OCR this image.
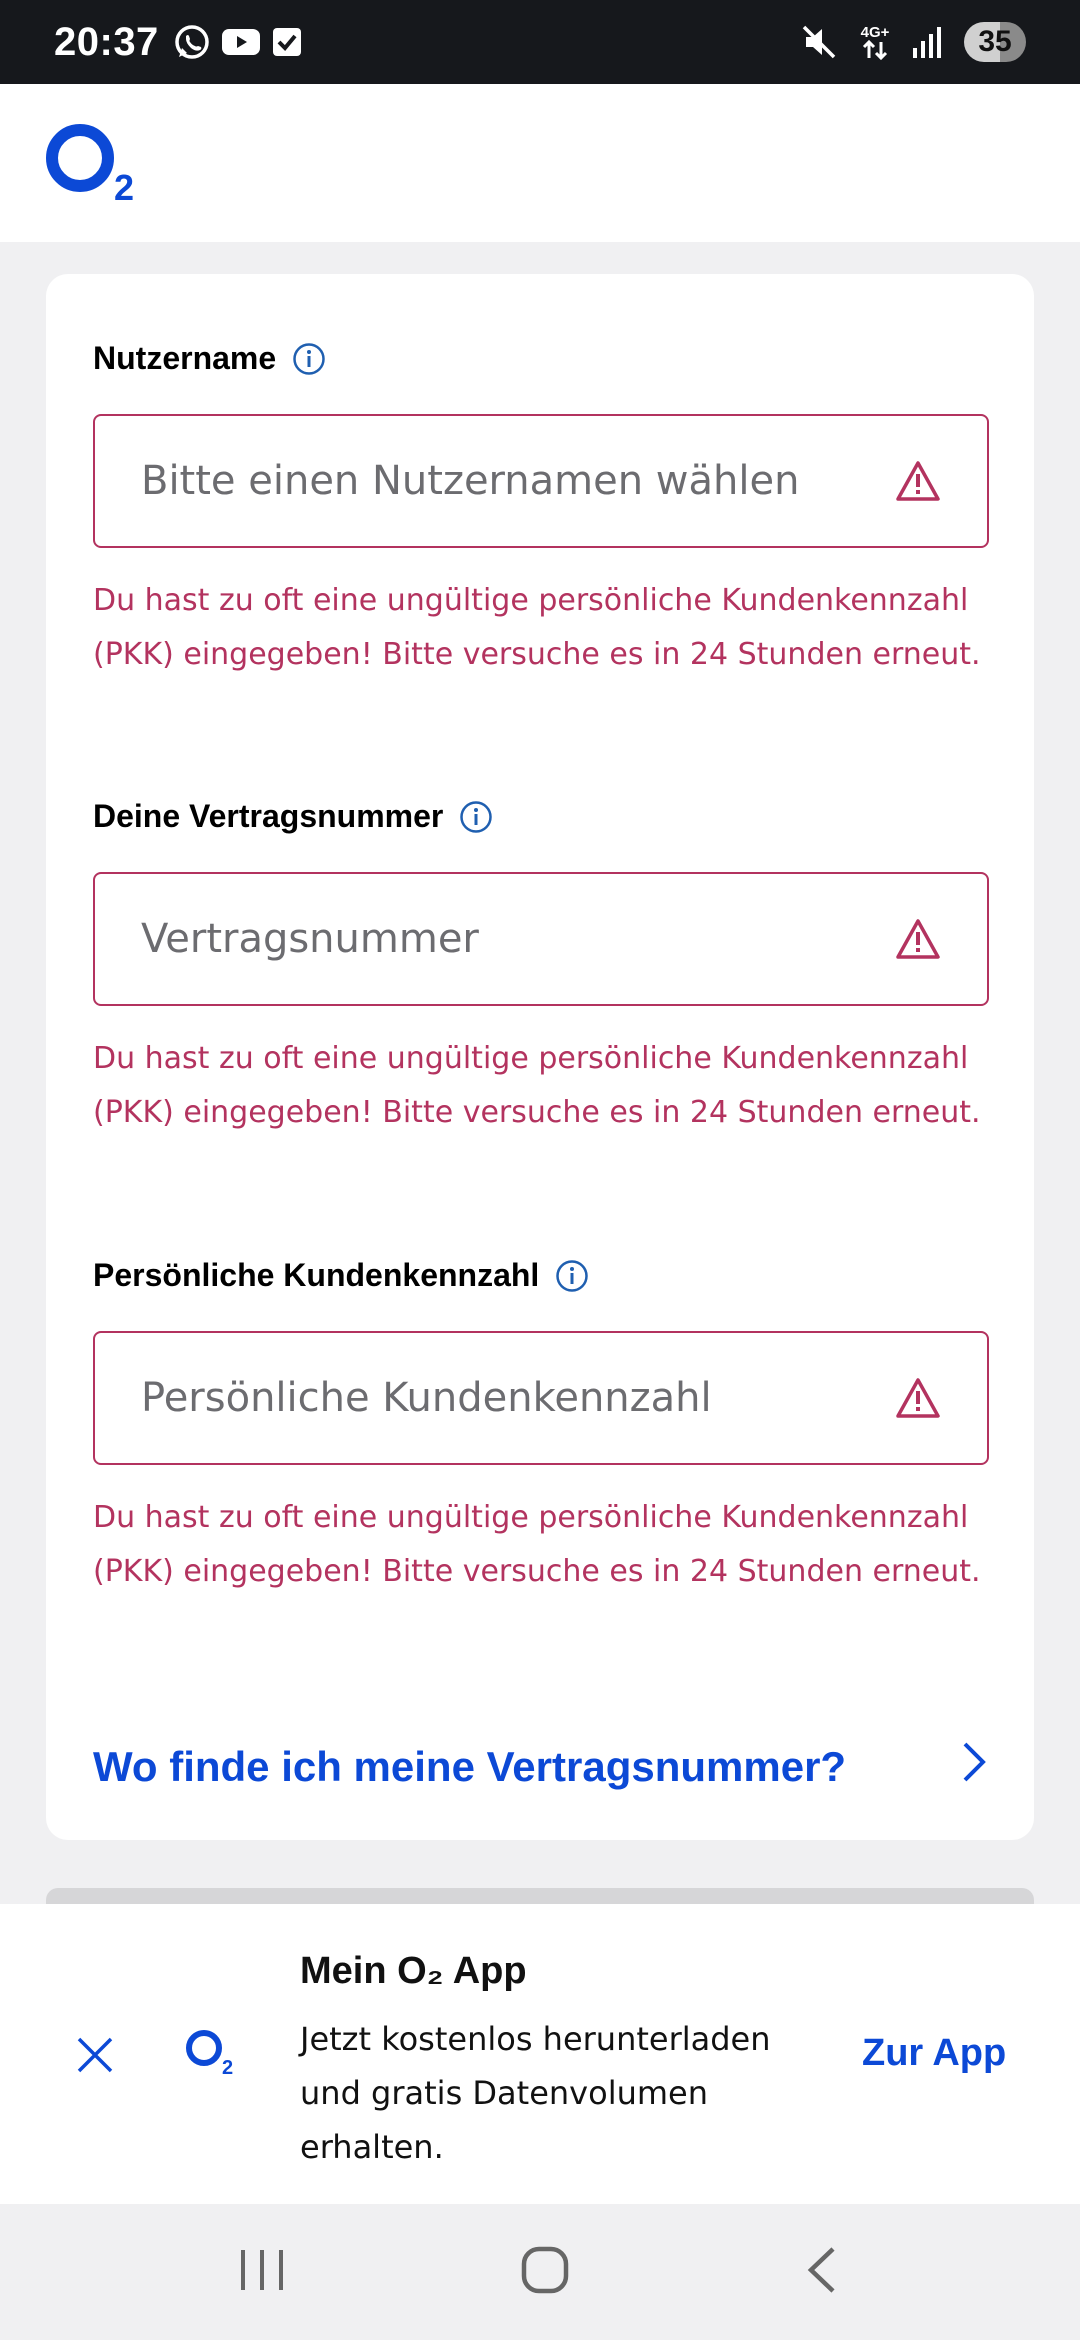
20:37	4G+	35
2
Nutzername
Bitte einen Nutzernamen wählen
Du hast zu oft eine ungültige persönliche Kundenkennzahl (PKK) eingegeben! Bitte versuche es in 24 Stunden erneut.
Deine Vertragsnummer
Vertragsnummer
Du hast zu oft eine ungültige persönliche Kundenkennzahl (PKK) eingegeben! Bitte versuche es in 24 Stunden erneut.
Persönliche Kundenkennzahl
Persönliche Kundenkennzahl
Du hast zu oft eine ungültige persönliche Kundenkennzahl (PKK) eingegeben! Bitte versuche es in 24 Stunden erneut.
Wo finde ich meine Vertragsnummer?
2
Mein O₂ App
Jetzt kostenlos herunterladen und gratis Datenvolumen erhalten.
Zur App
